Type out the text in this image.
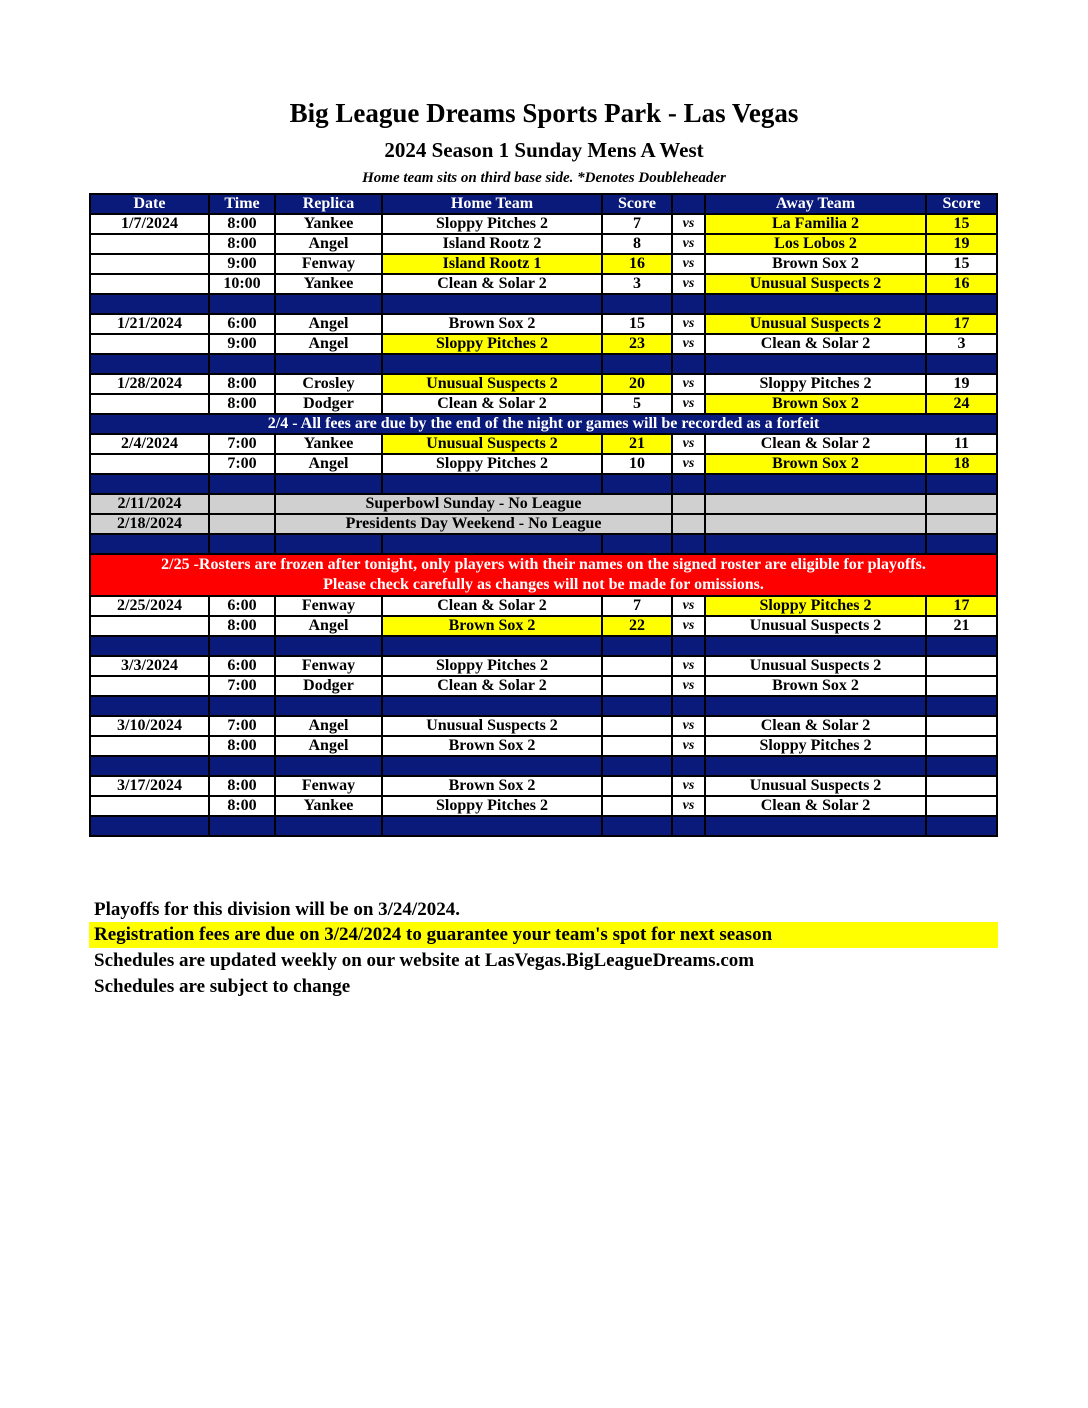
Big League Dreams Sports Park - Las Vegas
2024 Season 1 Sunday Mens A West
Home team sits on third base side. *Denotes Doubleheader
Date	Time	Replica	Home Team	Score		Away Team	Score
1/7/2024	8:00	Yankee	Sloppy Pitches 2	7	vs	La Familia 2	15
	8:00	Angel	Island Rootz 2	8	vs	Los Lobos 2	19
	9:00	Fenway	Island Rootz 1	16	vs	Brown Sox 2	15
	10:00	Yankee	Clean & Solar 2	3	vs	Unusual Suspects 2	16

1/21/2024	6:00	Angel	Brown Sox 2	15	vs	Unusual Suspects 2	17
	9:00	Angel	Sloppy Pitches 2	23	vs	Clean & Solar 2	3

1/28/2024	8:00	Crosley	Unusual Suspects 2	20	vs	Sloppy Pitches 2	19
	8:00	Dodger	Clean & Solar 2	5	vs	Brown Sox 2	24
2/4 - All fees are due by the end of the night or games will be recorded as a forfeit							
2/4/2024	7:00	Yankee	Unusual Suspects 2	21	vs	Clean & Solar 2	11
	7:00	Angel	Sloppy Pitches 2	10	vs	Brown Sox 2	18

2/11/2024		Superbowl Sunday - No League					
2/18/2024		Presidents Day Weekend - No League					

2/25 -Rosters are frozen after tonight, only players with their names on the signed roster are eligible for playoffs.
Please check carefully as changes will not be made for omissions.							
2/25/2024	6:00	Fenway	Clean & Solar 2	7	vs	Sloppy Pitches 2	17
	8:00	Angel	Brown Sox 2	22	vs	Unusual Suspects 2	21

3/3/2024	6:00	Fenway	Sloppy Pitches 2		vs	Unusual Suspects 2	
	7:00	Dodger	Clean & Solar 2		vs	Brown Sox 2	

3/10/2024	7:00	Angel	Unusual Suspects 2		vs	Clean & Solar 2	
	8:00	Angel	Brown Sox 2		vs	Sloppy Pitches 2	

3/17/2024	8:00	Fenway	Brown Sox 2		vs	Unusual Suspects 2	
	8:00	Yankee	Sloppy Pitches 2		vs	Clean & Solar 2	

Playoffs for this division will be on 3/24/2024.
Registration fees are due on 3/24/2024 to guarantee your team's spot for next season
Schedules are updated weekly on our website at LasVegas.BigLeagueDreams.com
Schedules are subject to change
